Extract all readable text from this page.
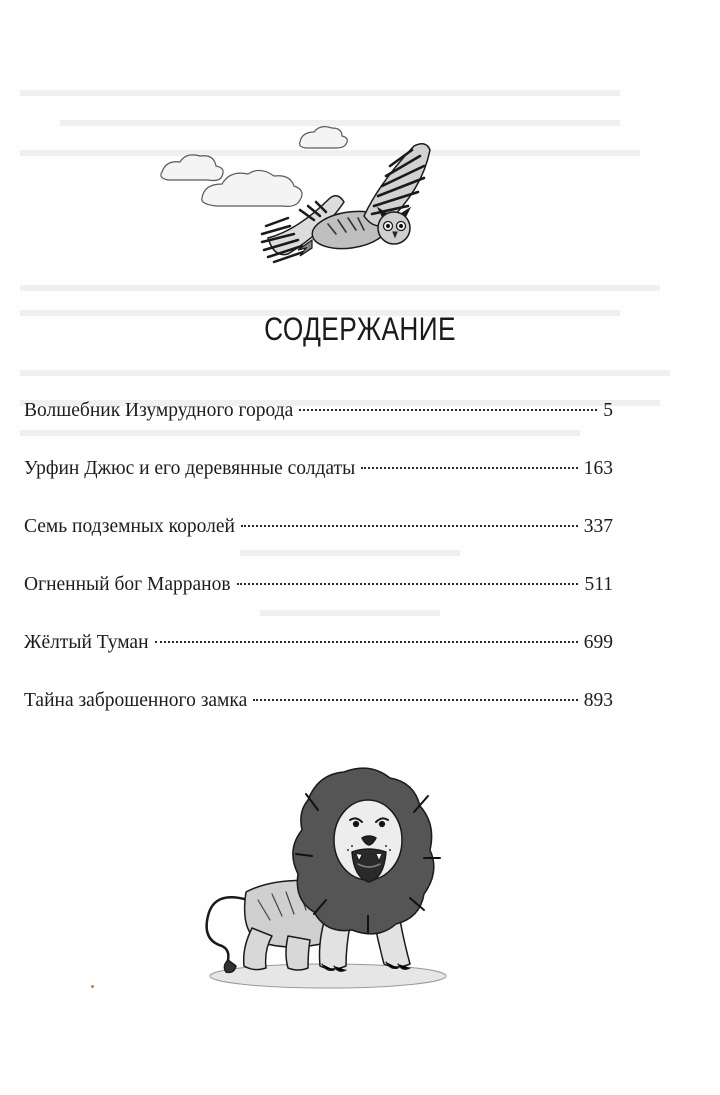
СОДЕРЖАНИЕ
Волшебник Изумрудного города	5
Урфин Джюс и его деревянные солдаты	163
Семь подземных королей	337
Огненный бог Марранов	511
Жёлтый Туман	699
Тайна заброшенного замка	893
